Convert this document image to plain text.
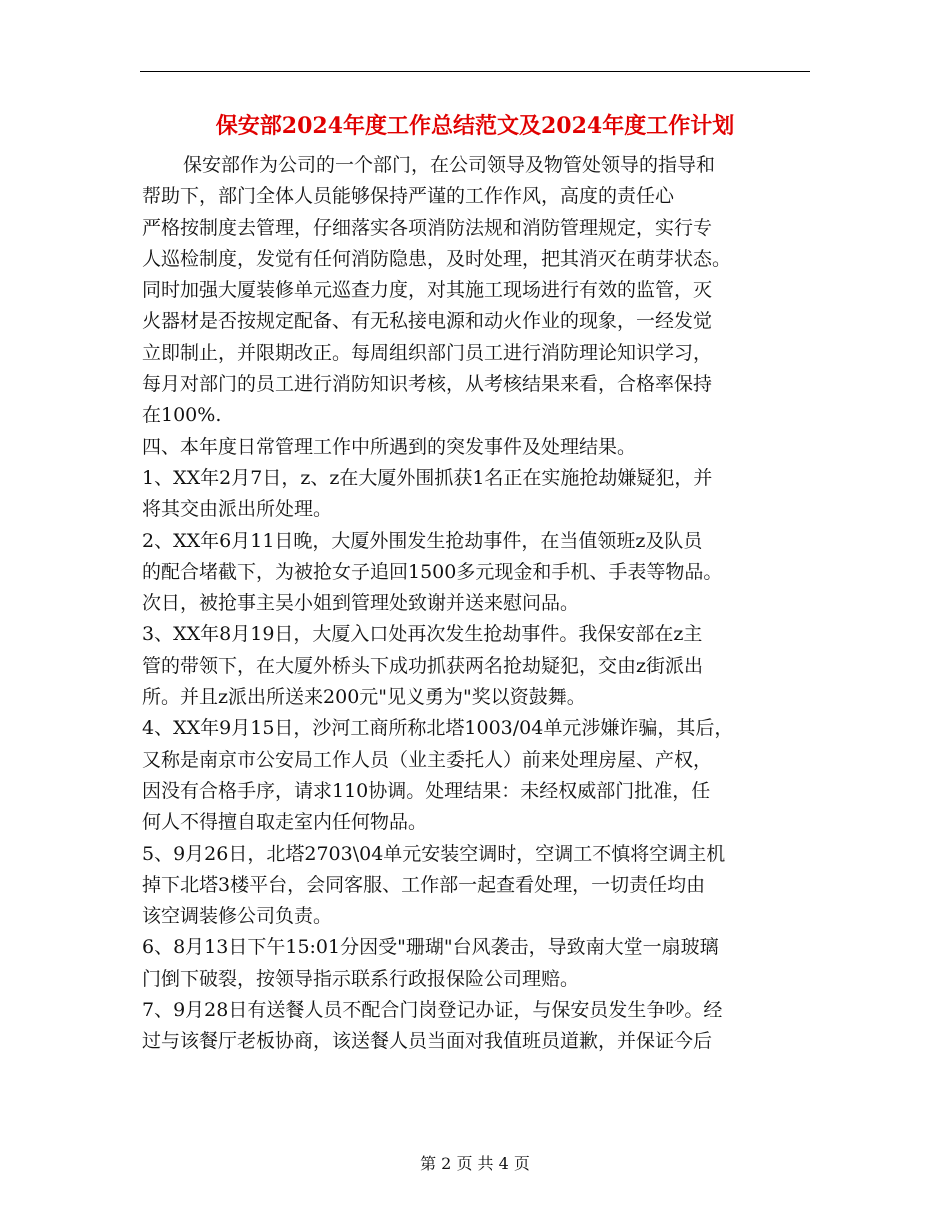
保安部2024年度工作总结范文及2024年度工作计划
保安部作为公司的一个部门，在公司领导及物管处领导的指导和
帮助下，部门全体人员能够保持严谨的工作作风，高度的责任心
严格按制度去管理，仔细落实各项消防法规和消防管理规定，实行专
人巡检制度，发觉有任何消防隐患，及时处理，把其消灭在萌芽状态。
同时加强大厦装修单元巡查力度，对其施工现场进行有效的监管，灭
火器材是否按规定配备、有无私接电源和动火作业的现象，一经发觉
立即制止，并限期改正。每周组织部门员工进行消防理论知识学习，
每月对部门的员工进行消防知识考核，从考核结果来看，合格率保持
在100%.
四、本年度日常管理工作中所遇到的突发事件及处理结果。
1、XX年2月7日，z、z在大厦外围抓获1名正在实施抢劫嫌疑犯，并
将其交由派出所处理。
2、XX年6月11日晚，大厦外围发生抢劫事件，在当值领班z及队员
的配合堵截下，为被抢女子追回1500多元现金和手机、手表等物品。
次日，被抢事主吴小姐到管理处致谢并送来慰问品。
3、XX年8月19日，大厦入口处再次发生抢劫事件。我保安部在z主
管的带领下，在大厦外桥头下成功抓获两名抢劫疑犯，交由z街派出
所。并且z派出所送来200元"见义勇为"奖以资鼓舞。
4、XX年9月15日，沙河工商所称北塔1003/04单元涉嫌诈骗，其后，
又称是南京市公安局工作人员（业主委托人）前来处理房屋、产权，
因没有合格手序，请求110协调。处理结果：未经权威部门批准，任
何人不得擅自取走室内任何物品。
5、9月26日，北塔2703\04单元安装空调时，空调工不慎将空调主机
掉下北塔3楼平台，会同客服、工作部一起查看处理，一切责任均由
该空调装修公司负责。
6、8月13日下午15:01分因受"珊瑚"台风袭击，导致南大堂一扇玻璃
门倒下破裂，按领导指示联系行政报保险公司理赔。
7、9月28日有送餐人员不配合门岗登记办证，与保安员发生争吵。经
过与该餐厅老板协商，该送餐人员当面对我值班员道歉，并保证今后
第 2 页 共 4 页
